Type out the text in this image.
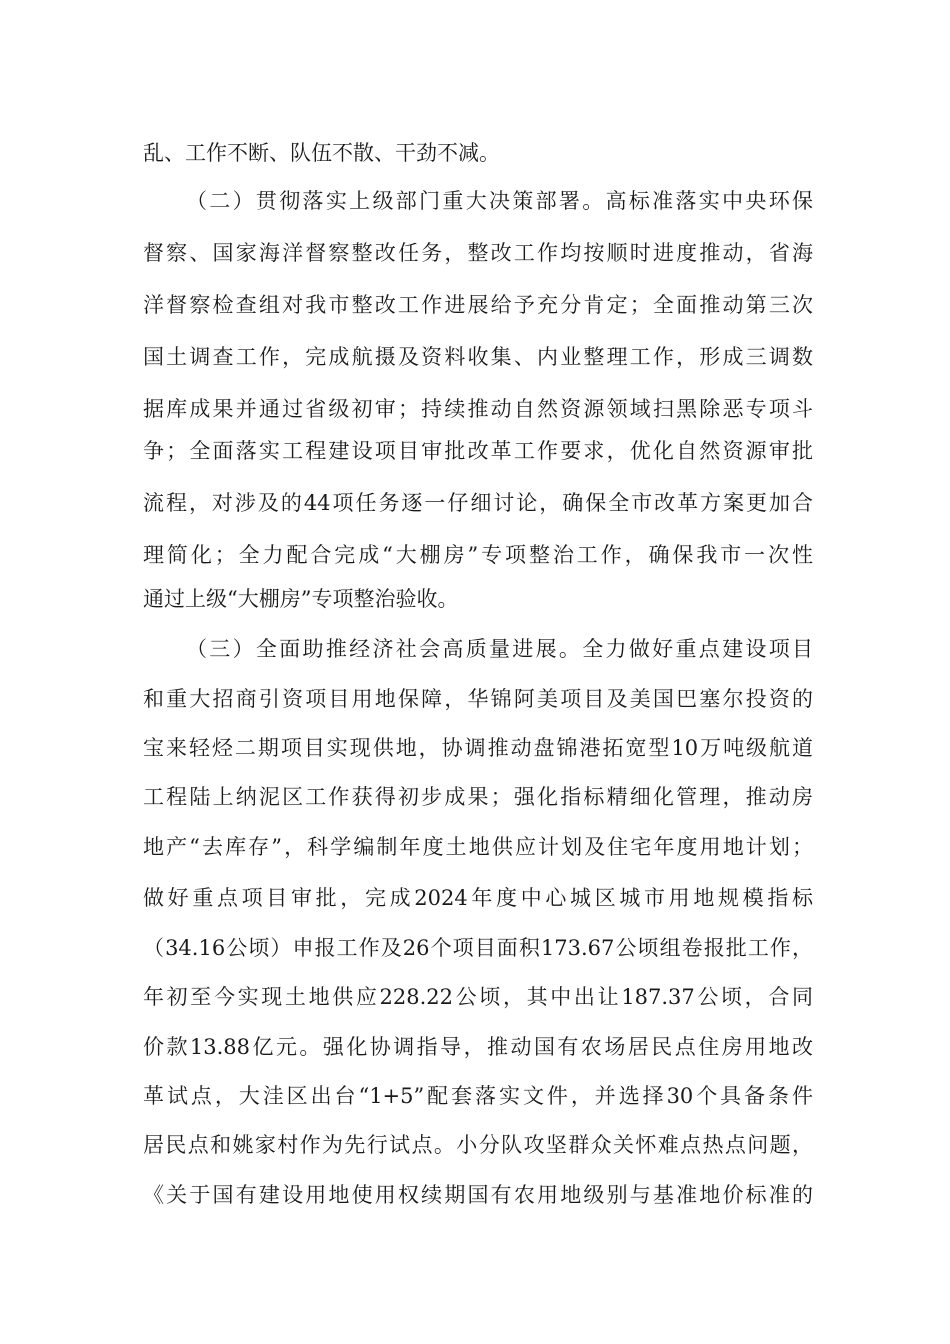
乱、工作不断、队伍不散、干劲不减。
（二）贯彻落实上级部门重大决策部署。高标准落实中央环保
督察、国家海洋督察整改任务，整改工作均按顺时进度推动，省海
洋督察检查组对我市整改工作进展给予充分肯定；全面推动第三次
国土调查工作，完成航摄及资料收集、内业整理工作，形成三调数
据库成果并通过省级初审；持续推动自然资源领域扫黑除恶专项斗
争；全面落实工程建设项目审批改革工作要求，优化自然资源审批
流程，对涉及的44项任务逐一仔细讨论，确保全市改革方案更加合
理简化；全力配合完成“大棚房”专项整治工作，确保我市一次性
通过上级“大棚房”专项整治验收。
（三）全面助推经济社会高质量进展。全力做好重点建设项目
和重大招商引资项目用地保障，华锦阿美项目及美国巴塞尔投资的
宝来轻烃二期项目实现供地，协调推动盘锦港拓宽型10万吨级航道
工程陆上纳泥区工作获得初步成果；强化指标精细化管理，推动房
地产“去库存”，科学编制年度土地供应计划及住宅年度用地计划；
做好重点项目审批，完成2024年度中心城区城市用地规模指标
（34.16公顷）申报工作及26个项目面积173.67公顷组卷报批工作，
年初至今实现土地供应228.22公顷，其中出让187.37公顷，合同
价款13.88亿元。强化协调指导，推动国有农场居民点住房用地改
革试点，大洼区出台“1+5”配套落实文件，并选择30个具备条件
居民点和姚家村作为先行试点。小分队攻坚群众关怀难点热点问题，
《关于国有建设用地使用权续期国有农用地级别与基准地价标准的
